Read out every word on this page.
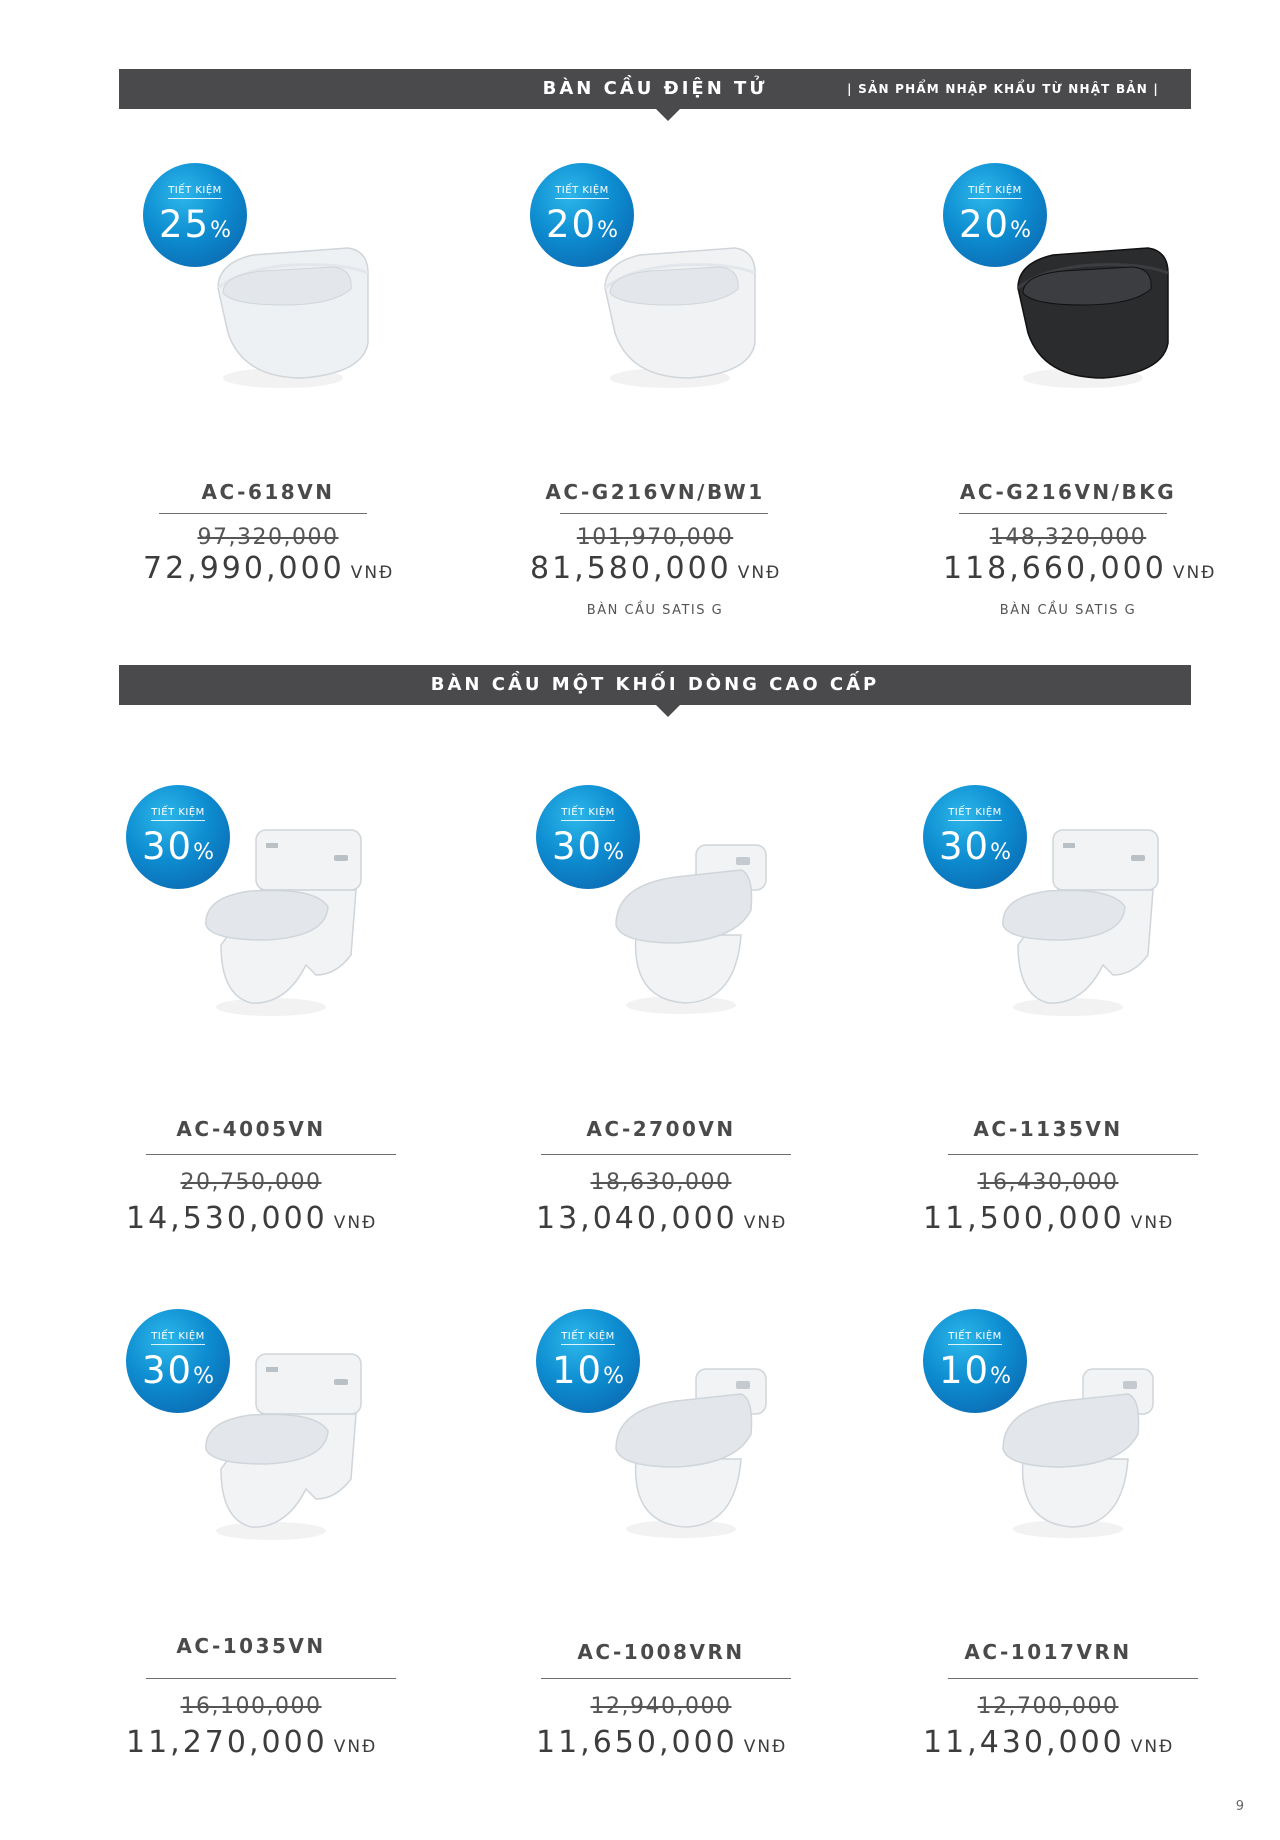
BÀN CẦU ĐIỆN TỬ	| SẢN PHẨM NHẬP KHẨU TỪ NHẬT BẢN |
BÀN CẦU MỘT KHỐI DÒNG CAO CẤP
TIẾT KIỆM
25%
AC-618VN
97,320,000
72,990,000 VNĐ
TIẾT KIỆM
20%
AC-G216VN/BW1
101,970,000
81,580,000 VNĐ
BÀN CẦU SATIS G
TIẾT KIỆM
20%
AC-G216VN/BKG
148,320,000
118,660,000 VNĐ
BÀN CẦU SATIS G
TIẾT KIỆM
30%
AC-4005VN
20,750,000
14,530,000 VNĐ
TIẾT KIỆM
30%
AC-2700VN
18,630,000
13,040,000 VNĐ
TIẾT KIỆM
30%
AC-1135VN
16,430,000
11,500,000 VNĐ
TIẾT KIỆM
30%
AC-1035VN
16,100,000
11,270,000 VNĐ
TIẾT KIỆM
10%
AC-1008VRN
12,940,000
11,650,000 VNĐ
TIẾT KIỆM
10%
AC-1017VRN
12,700,000
11,430,000 VNĐ
9
